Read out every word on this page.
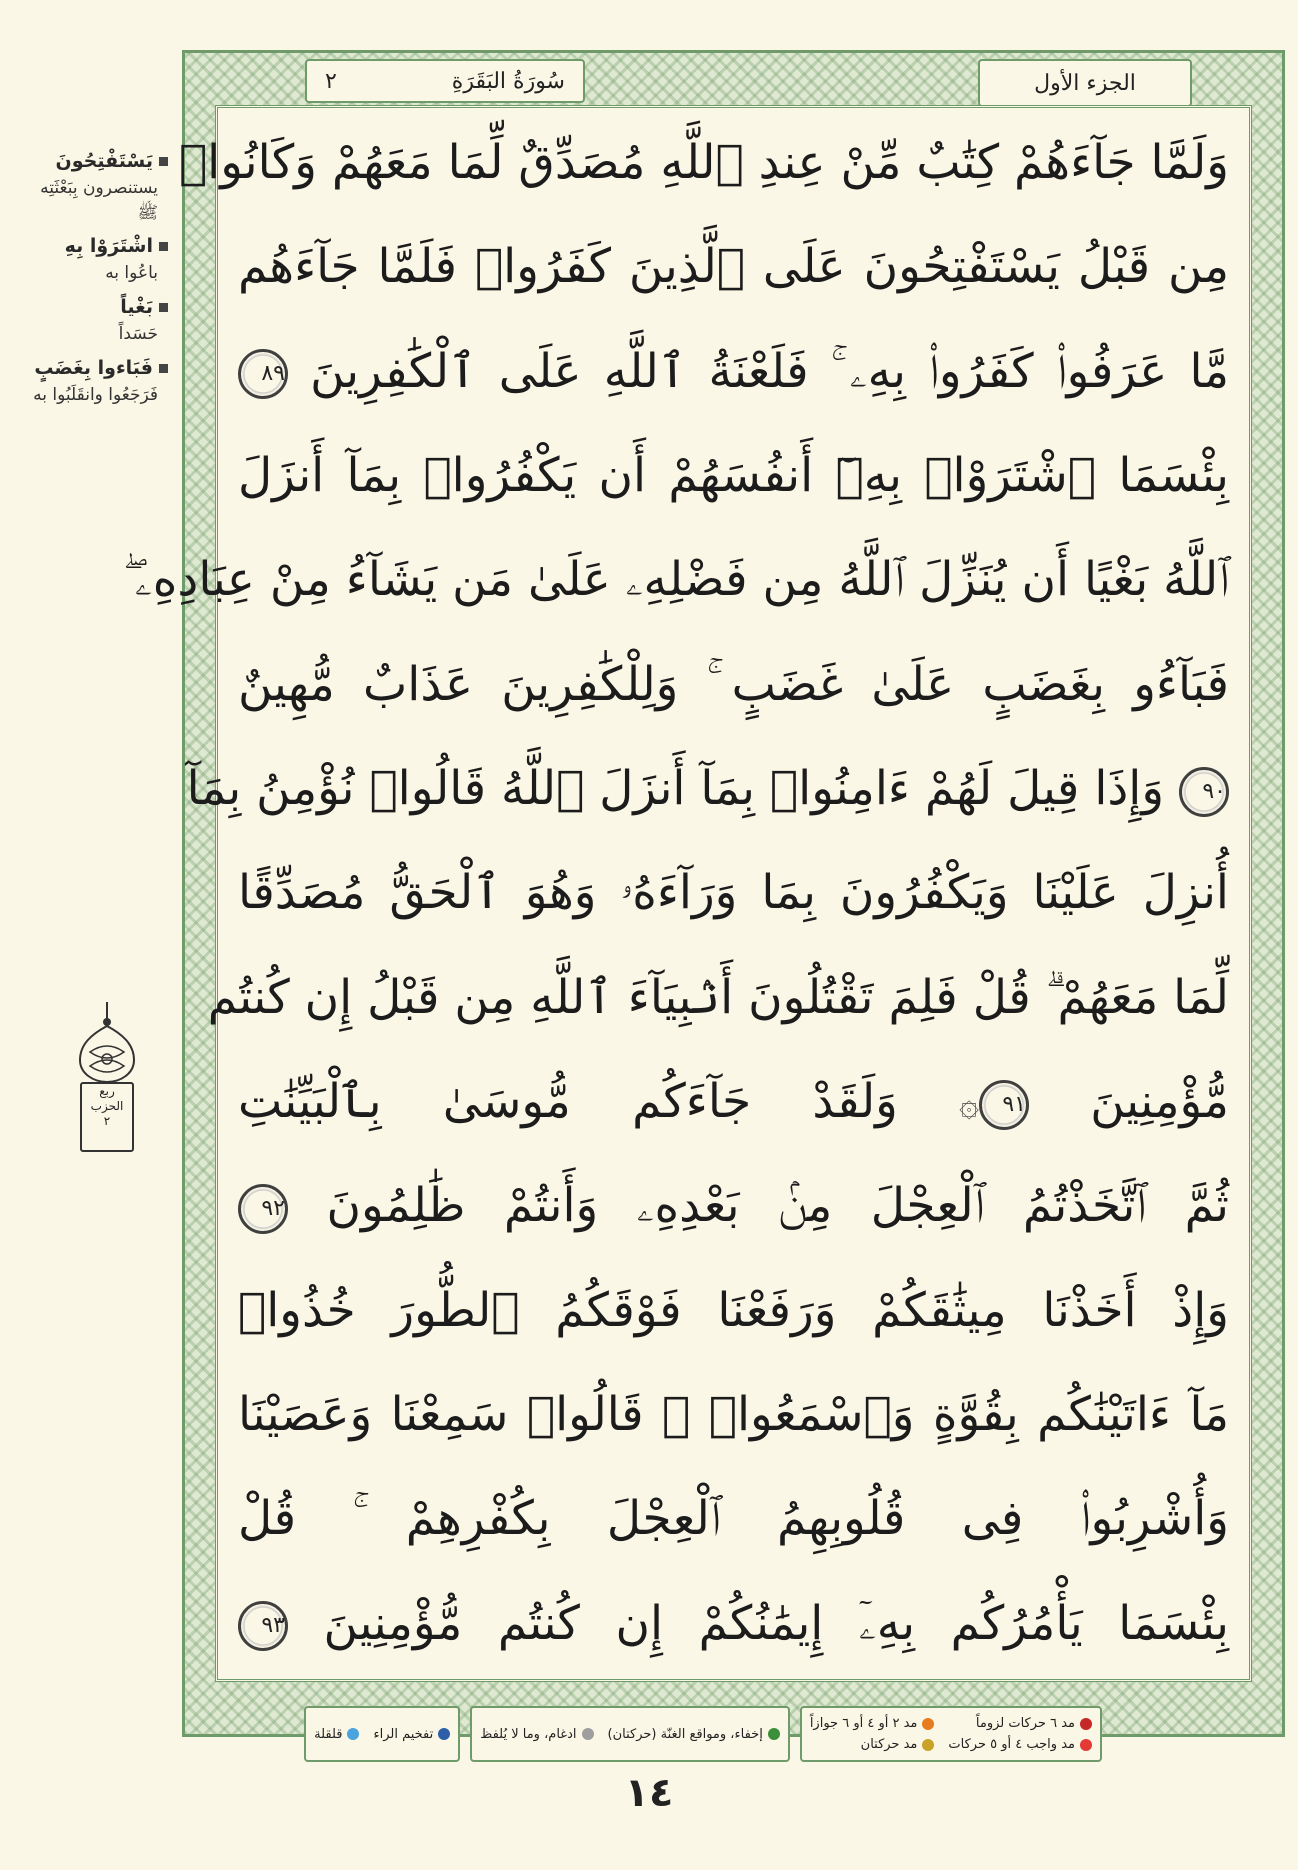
يَسْتَفْتِحُونَ
يستنصرون بِبَعْثَتِه ﷺ
اشْتَرَوْا بِهِ
باعُوا به
بَغْياً
حَسَداً
فَبَاءوا بِغَضَبٍ
فَرَجَعُوا وانقَلَبُوا به
ربع
الحزب
٢
سُورَةُ البَقَرَةِ
٢	الجزء الأول
وَلَمَّا جَآءَهُمْ كِتَٰبٌ مِّنْ عِندِ ٱللَّهِ مُصَدِّقٌ لِّمَا مَعَهُمْ وَكَانُوا۟
مِن قَبْلُ يَسْتَفْتِحُونَ عَلَى ٱلَّذِينَ كَفَرُوا۟ فَلَمَّا جَآءَهُم
مَّا عَرَفُوا۟ كَفَرُوا۟ بِهِۦ ۚ فَلَعْنَةُ ٱللَّهِ عَلَى ٱلْكَٰفِرِينَ ٨٩
بِئْسَمَا ٱشْتَرَوْا۟ بِهِۦٓ أَنفُسَهُمْ أَن يَكْفُرُوا۟ بِمَآ أَنزَلَ
ٱللَّهُ بَغْيًا أَن يُنَزِّلَ ٱللَّهُ مِن فَضْلِهِۦ عَلَىٰ مَن يَشَآءُ مِنْ عِبَادِهِۦ ۖ
فَبَآءُو بِغَضَبٍ عَلَىٰ غَضَبٍ ۚ وَلِلْكَٰفِرِينَ عَذَابٌ مُّهِينٌ
٩٠ وَإِذَا قِيلَ لَهُمْ ءَامِنُوا۟ بِمَآ أَنزَلَ ٱللَّهُ قَالُوا۟ نُؤْمِنُ بِمَآ
أُنزِلَ عَلَيْنَا وَيَكْفُرُونَ بِمَا وَرَآءَهُۥ وَهُوَ ٱلْحَقُّ مُصَدِّقًا
لِّمَا مَعَهُمْ ۗ قُلْ فَلِمَ تَقْتُلُونَ أَنۢبِيَآءَ ٱللَّهِ مِن قَبْلُ إِن كُنتُم
مُّؤْمِنِينَ ٩١۞ وَلَقَدْ جَآءَكُم مُّوسَىٰ بِٱلْبَيِّنَٰتِ
ثُمَّ ٱتَّخَذْتُمُ ٱلْعِجْلَ مِنۢ بَعْدِهِۦ وَأَنتُمْ ظَٰلِمُونَ ٩٢
وَإِذْ أَخَذْنَا مِيثَٰقَكُمْ وَرَفَعْنَا فَوْقَكُمُ ٱلطُّورَ خُذُوا۟
مَآ ءَاتَيْنَٰكُم بِقُوَّةٍ وَٱسْمَعُوا۟ ۖ قَالُوا۟ سَمِعْنَا وَعَصَيْنَا
وَأُشْرِبُوا۟ فِى قُلُوبِهِمُ ٱلْعِجْلَ بِكُفْرِهِمْ ۚ قُلْ
بِئْسَمَا يَأْمُرُكُم بِهِۦٓ إِيمَٰنُكُمْ إِن كُنتُم مُّؤْمِنِينَ ٩٣
مد ٦ حركات لزوماً
مد ٢ أو ٤ أو ٦ جوازاً
مد واجب ٤ أو ٥ حركات
مد حركتان
إخفاء، ومواقع الغنّة (حركتان)
ادغام، وما لا يُلفظ
تفخيم الراء
قلقلة
١٤
